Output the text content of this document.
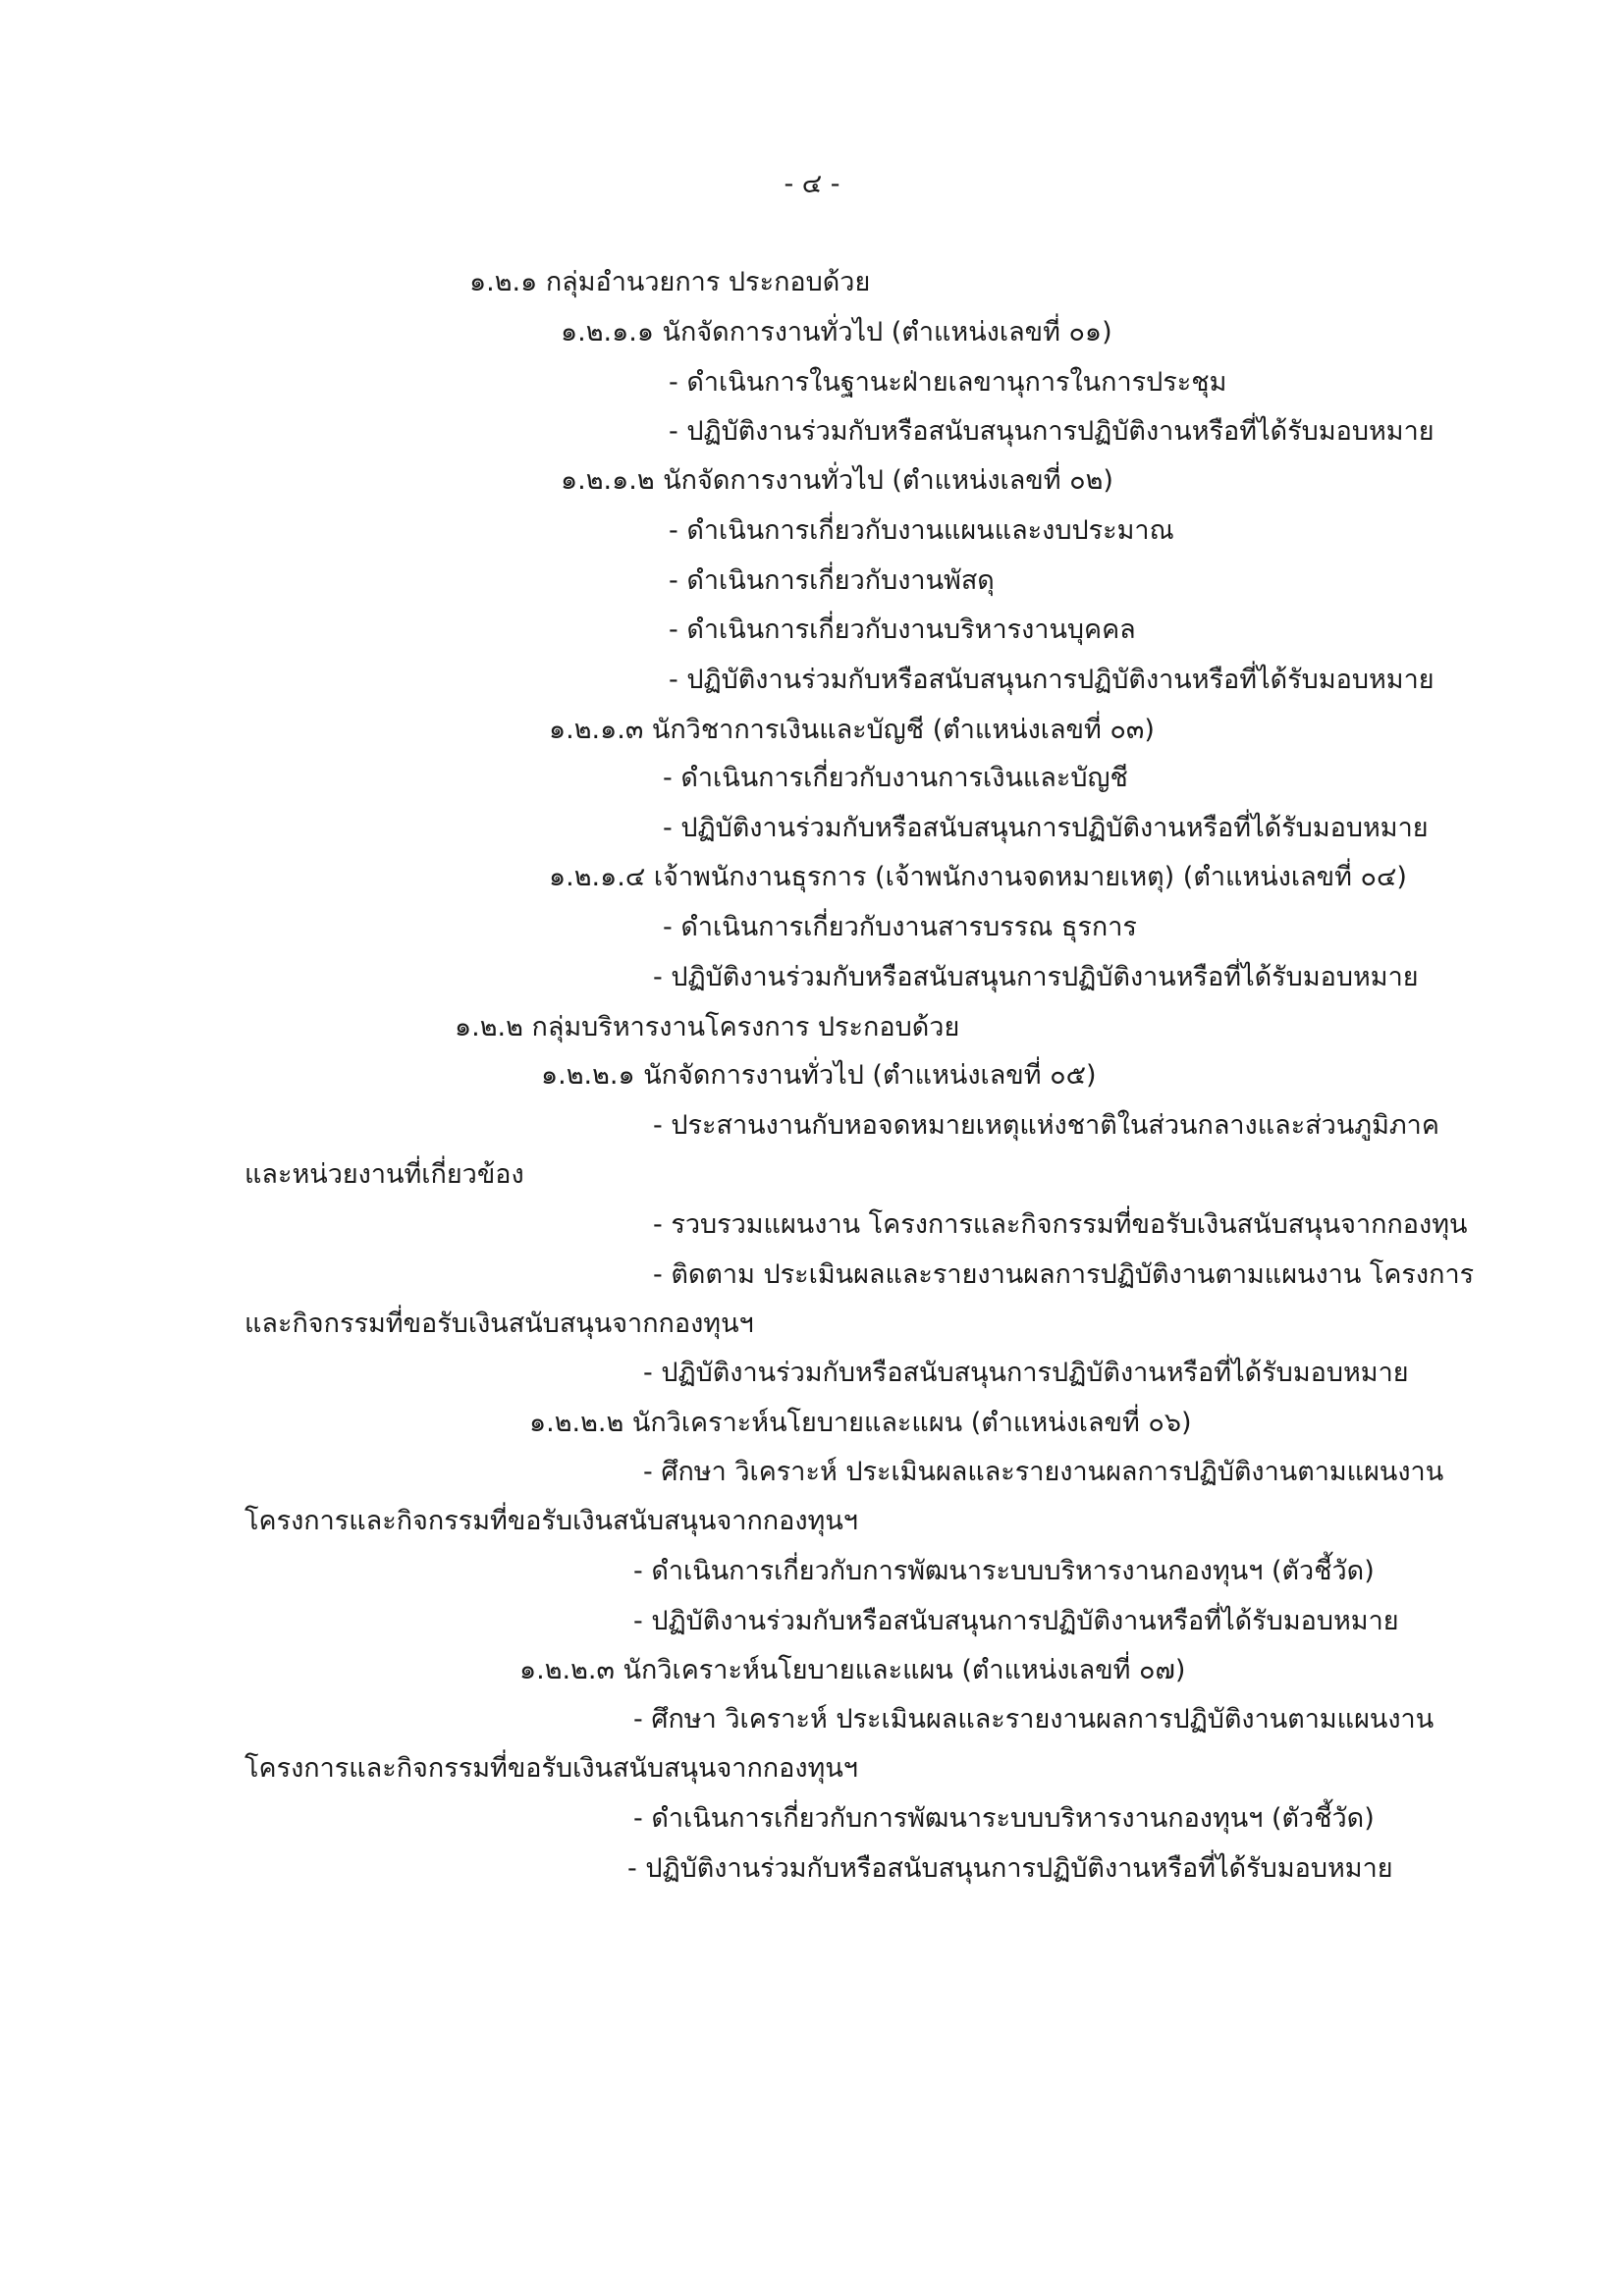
- ๔ -
๑.๒.๑ กลุ่มอำนวยการ ประกอบด้วย
๑.๒.๑.๑ นักจัดการงานทั่วไป (ตำแหน่งเลขที่ ๐๑)
- ดำเนินการในฐานะฝ่ายเลขานุการในการประชุม
- ปฏิบัติงานร่วมกับหรือสนับสนุนการปฏิบัติงานหรือที่ได้รับมอบหมาย
๑.๒.๑.๒ นักจัดการงานทั่วไป (ตำแหน่งเลขที่ ๐๒)
- ดำเนินการเกี่ยวกับงานแผนและงบประมาณ
- ดำเนินการเกี่ยวกับงานพัสดุ
- ดำเนินการเกี่ยวกับงานบริหารงานบุคคล
- ปฏิบัติงานร่วมกับหรือสนับสนุนการปฏิบัติงานหรือที่ได้รับมอบหมาย
๑.๒.๑.๓ นักวิชาการเงินและบัญชี (ตำแหน่งเลขที่ ๐๓)
- ดำเนินการเกี่ยวกับงานการเงินและบัญชี
- ปฏิบัติงานร่วมกับหรือสนับสนุนการปฏิบัติงานหรือที่ได้รับมอบหมาย
๑.๒.๑.๔ เจ้าพนักงานธุรการ (เจ้าพนักงานจดหมายเหตุ) (ตำแหน่งเลขที่ ๐๔)
- ดำเนินการเกี่ยวกับงานสารบรรณ ธุรการ
- ปฏิบัติงานร่วมกับหรือสนับสนุนการปฏิบัติงานหรือที่ได้รับมอบหมาย
๑.๒.๒ กลุ่มบริหารงานโครงการ ประกอบด้วย
๑.๒.๒.๑ นักจัดการงานทั่วไป (ตำแหน่งเลขที่ ๐๕)
- ประสานงานกับหอจดหมายเหตุแห่งชาติในส่วนกลางและส่วนภูมิภาค
และหน่วยงานที่เกี่ยวข้อง
- รวบรวมแผนงาน โครงการและกิจกรรมที่ขอรับเงินสนับสนุนจากกองทุน
- ติดตาม ประเมินผลและรายงานผลการปฏิบัติงานตามแผนงาน โครงการ
และกิจกรรมที่ขอรับเงินสนับสนุนจากกองทุนฯ
- ปฏิบัติงานร่วมกับหรือสนับสนุนการปฏิบัติงานหรือที่ได้รับมอบหมาย
๑.๒.๒.๒ นักวิเคราะห์นโยบายและแผน (ตำแหน่งเลขที่ ๐๖)
- ศึกษา วิเคราะห์ ประเมินผลและรายงานผลการปฏิบัติงานตามแผนงาน
โครงการและกิจกรรมที่ขอรับเงินสนับสนุนจากกองทุนฯ
- ดำเนินการเกี่ยวกับการพัฒนาระบบบริหารงานกองทุนฯ (ตัวชี้วัด)
- ปฏิบัติงานร่วมกับหรือสนับสนุนการปฏิบัติงานหรือที่ได้รับมอบหมาย
๑.๒.๒.๓ นักวิเคราะห์นโยบายและแผน (ตำแหน่งเลขที่ ๐๗)
- ศึกษา วิเคราะห์ ประเมินผลและรายงานผลการปฏิบัติงานตามแผนงาน
โครงการและกิจกรรมที่ขอรับเงินสนับสนุนจากกองทุนฯ
- ดำเนินการเกี่ยวกับการพัฒนาระบบบริหารงานกองทุนฯ (ตัวชี้วัด)
- ปฏิบัติงานร่วมกับหรือสนับสนุนการปฏิบัติงานหรือที่ได้รับมอบหมาย
